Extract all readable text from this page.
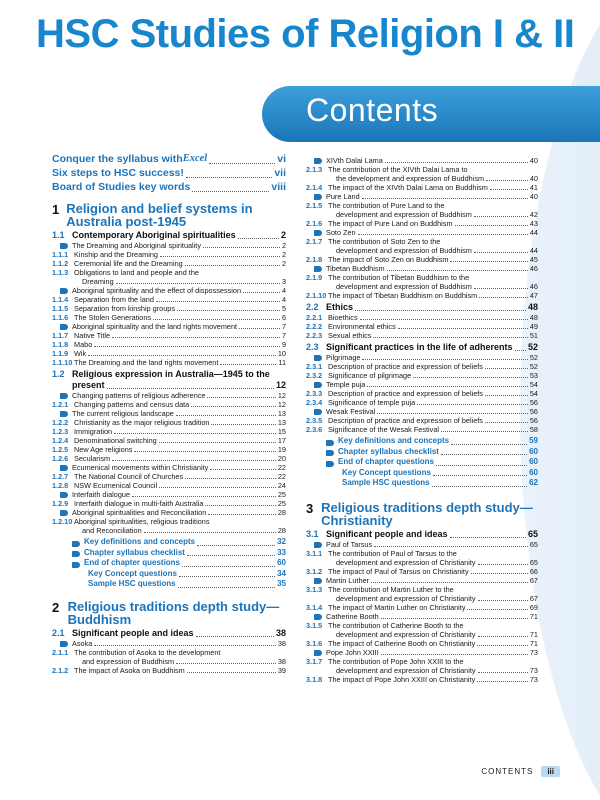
HSC Studies of Religion I & II
Contents
Conquer the syllabus with Excel	vi
Six steps to HSC success!	vii
Board of Studies key words	viii
1 Religion and belief systems in Australia post-1945
1.1 Contemporary Aboriginal spiritualities	2
The Dreaming and Aboriginal spirituality	2
1.1.1 Kinship and the Dreaming	2
1.1.2 Ceremonial life and the Dreaming	2
1.1.3 Obligations to land and people and the
Dreaming	3
Aboriginal spirituality and the effect of dispossession	4
1.1.4 Separation from the land	4
1.1.5 Separation from kinship groups	5
1.1.6 The Stolen Generations	6
Aboriginal spirituality and the land rights movement	7
1.1.7 Native Title	7
1.1.8 Mabo	9
1.1.9 Wik	10
1.1.10 The Dreaming and the land rights movement	11
1.2 Religious expression in Australia—1945 to the
present	12
Changing patterns of religious adherence	12
1.2.1 Changing patterns and census data	12
The current religious landscape	13
1.2.2 Christianity as the major religious tradition	13
1.2.3 Immigration	15
1.2.4 Denominational switching	17
1.2.5 New Age religions	19
1.2.6 Secularism	20
Ecumenical movements within Christianity	22
1.2.7 The National Council of Churches	22
1.2.8 NSW Ecumenical Council	24
Interfaith dialogue	25
1.2.9 Interfaith dialogue in multi-faith Australia	25
Aboriginal spiritualities and Reconciliation	28
1.2.10 Aboriginal spiritualities, religious traditions
and Reconciliation	28
Key definitions and concepts	32
Chapter syllabus checklist	33
End of chapter questions	60
Key Concept questions	34
Sample HSC questions	35
2 Religious traditions depth study— Buddhism
2.1 Significant people and ideas	38
Asoka	38
2.1.1 The contribution of Asoka to the development
and expression of Buddhism	38
2.1.2 The impact of Asoka on Buddhism	39
XIVth Dalai Lama	40
2.1.3 The contribution of the XIVth Dalai Lama to
the development and expression of Buddhism	40
2.1.4 The impact of the XIVth Dalai Lama on Buddhism	41
Pure Land	40
2.1.5 The contribution of Pure Land to the
development and expression of Buddhism	42
2.1.6 The impact of Pure Land on Buddhism	43
Soto Zen	44
2.1.7 The contribution of Soto Zen to the
development and expression of Buddhism	44
2.1.8 The impact of Soto Zen on Buddhism	45
Tibetan Buddhism	46
2.1.9 The contribution of Tibetan Buddhism to the
development and expression of Buddhism	46
2.1.10 The impact of Tibetan Buddhism on Buddhism	47
2.2 Ethics	48
2.2.1 Bioethics	48
2.2.2 Environmental ethics	49
2.2.3 Sexual ethics	51
2.3 Significant practices in the life of adherents 52
Pilgrimage	52
2.3.1 Description of practice and expression of beliefs	52
2.3.2 Significance of pilgrimage	53
Temple puja	54
2.3.3 Description of practice and expression of beliefs	54
2.3.4 Significance of temple puja	56
Wesak Festival	56
2.3.5 Description of practice and expression of beliefs	56
2.3.6 Significance of the Wesak Festival	58
Key definitions and concepts	59
Chapter syllabus checklist	60
End of chapter questions	60
Key Concept questions	60
Sample HSC questions	62
3 Religious traditions depth study— Christianity
3.1 Significant people and ideas	65
Paul of Tarsus	65
3.1.1 The contribution of Paul of Tarsus to the
development and expression of Christianity	65
3.1.2 The impact of Paul of Tarsus on Christianity	66
Martin Luther	67
3.1.3 The contribution of Martin Luther to the
development and expression of Christianity	67
3.1.4 The impact of Martin Luther on Christianity	69
Catherine Booth	71
3.1.5 The contribution of Catherine Booth to the
development and expression of Christianity	71
3.1.6 The impact of Catherine Booth on Christianity	71
Pope John XXIII	73
3.1.7 The contribution of Pope John XXIII to the
development and expression of Christianity	73
3.1.8 The impact of Pope John XXIII on Christianity	73
CONTENTS	iii
